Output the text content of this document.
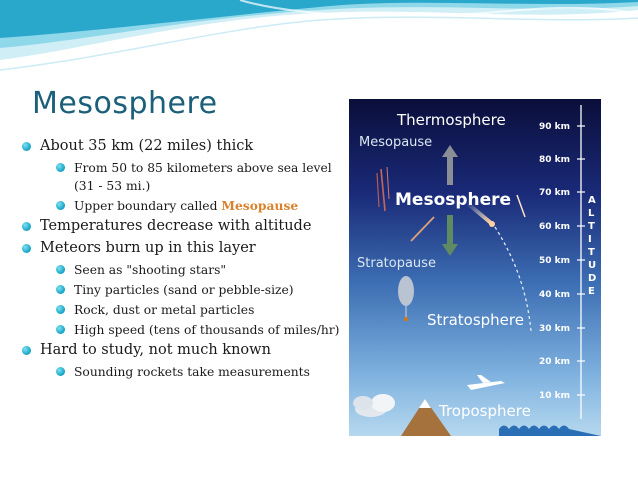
Mesosphere
About 35 km (22 miles) thick
From 50 to 85 kilometers above sea level
(31 - 53 mi.)
Upper boundary called Mesopause
Temperatures decrease with altitude
Meteors burn up in this layer
Seen as "shooting stars"
Tiny particles (sand or pebble-size)
Rock, dust or metal particles
High speed (tens of thousands of miles/hr)
Hard to study, not much known
Sounding rockets take measurements
90 km
80 km
70 km
60 km
50 km
40 km
30 km
20 km
10 km
A
L
T
I
T
U
D
E
Thermosphere
Mesopause
Mesosphere
Stratopause
Stratosphere
Troposphere
